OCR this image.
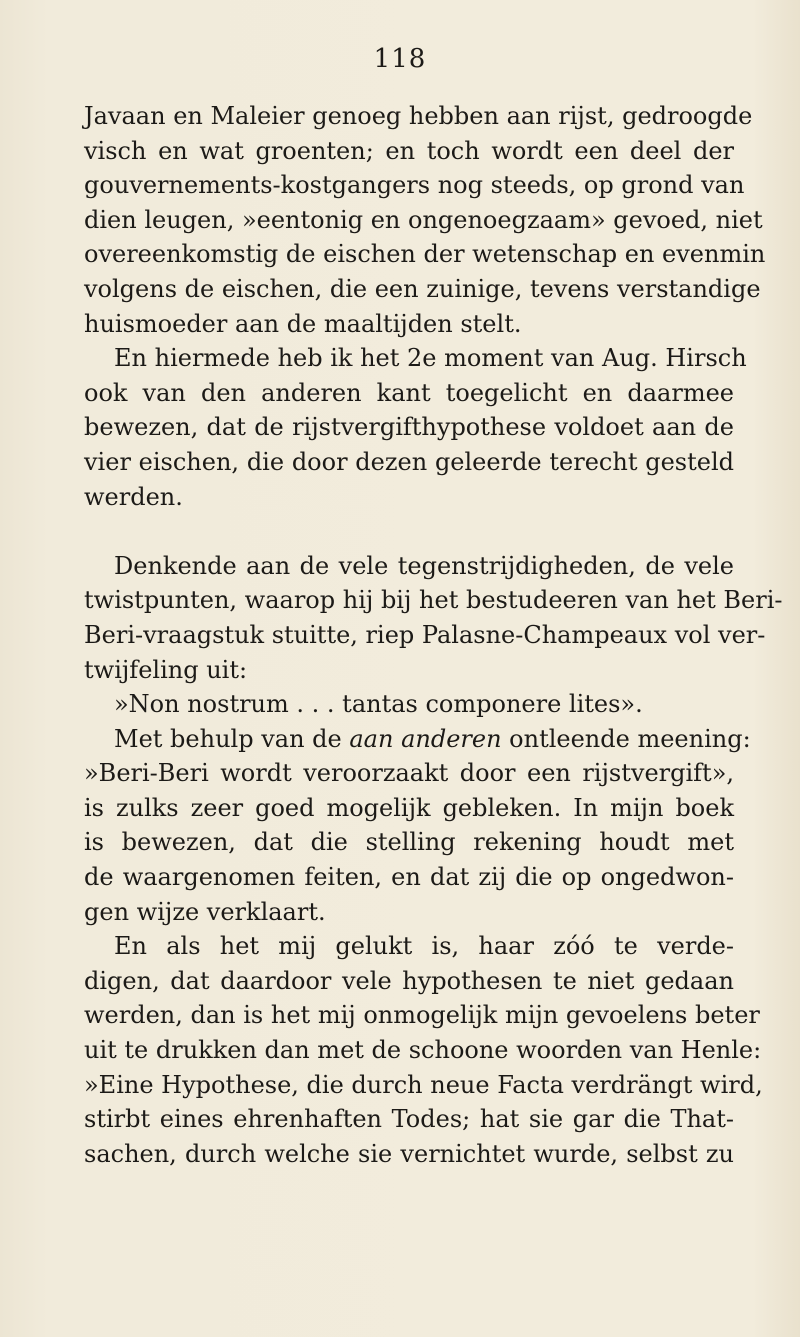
118
Javaan en Maleier genoeg hebben aan rijst, gedroogde
visch en wat groenten; en toch wordt een deel der
gouvernements-kostgangers nog steeds, op grond van
dien leugen, »eentonig en ongenoegzaam» gevoed, niet
overeenkomstig de eischen der wetenschap en evenmin
volgens de eischen, die een zuinige, tevens verstandige
huismoeder aan de maaltijden stelt.
En hiermede heb ik het 2e moment van Aug. Hirsch
ook van den anderen kant toegelicht en daarmee
bewezen, dat de rijstvergifthypothese voldoet aan de
vier eischen, die door dezen geleerde terecht gesteld
werden.
Denkende aan de vele tegenstrijdigheden, de vele
twistpunten, waarop hij bij het bestudeeren van het Beri-
Beri-vraagstuk stuitte, riep Palasne-Champeaux vol ver-
twijfeling uit:
»Non nostrum . . . tantas componere lites».
Met behulp van de aan anderen ontleende meening:
»Beri-Beri wordt veroorzaakt door een rijstvergift»,
is zulks zeer goed mogelijk gebleken. In mijn boek
is bewezen, dat die stelling rekening houdt met
de waargenomen feiten, en dat zij die op ongedwon-
gen wijze verklaart.
En als het mij gelukt is, haar zóó te verde-
digen, dat daardoor vele hypothesen te niet gedaan
werden, dan is het mij onmogelijk mijn gevoelens beter
uit te drukken dan met de schoone woorden van Henle:
»Eine Hypothese, die durch neue Facta verdrängt wird,
stirbt eines ehrenhaften Todes; hat sie gar die That-
sachen, durch welche sie vernichtet wurde, selbst zu
